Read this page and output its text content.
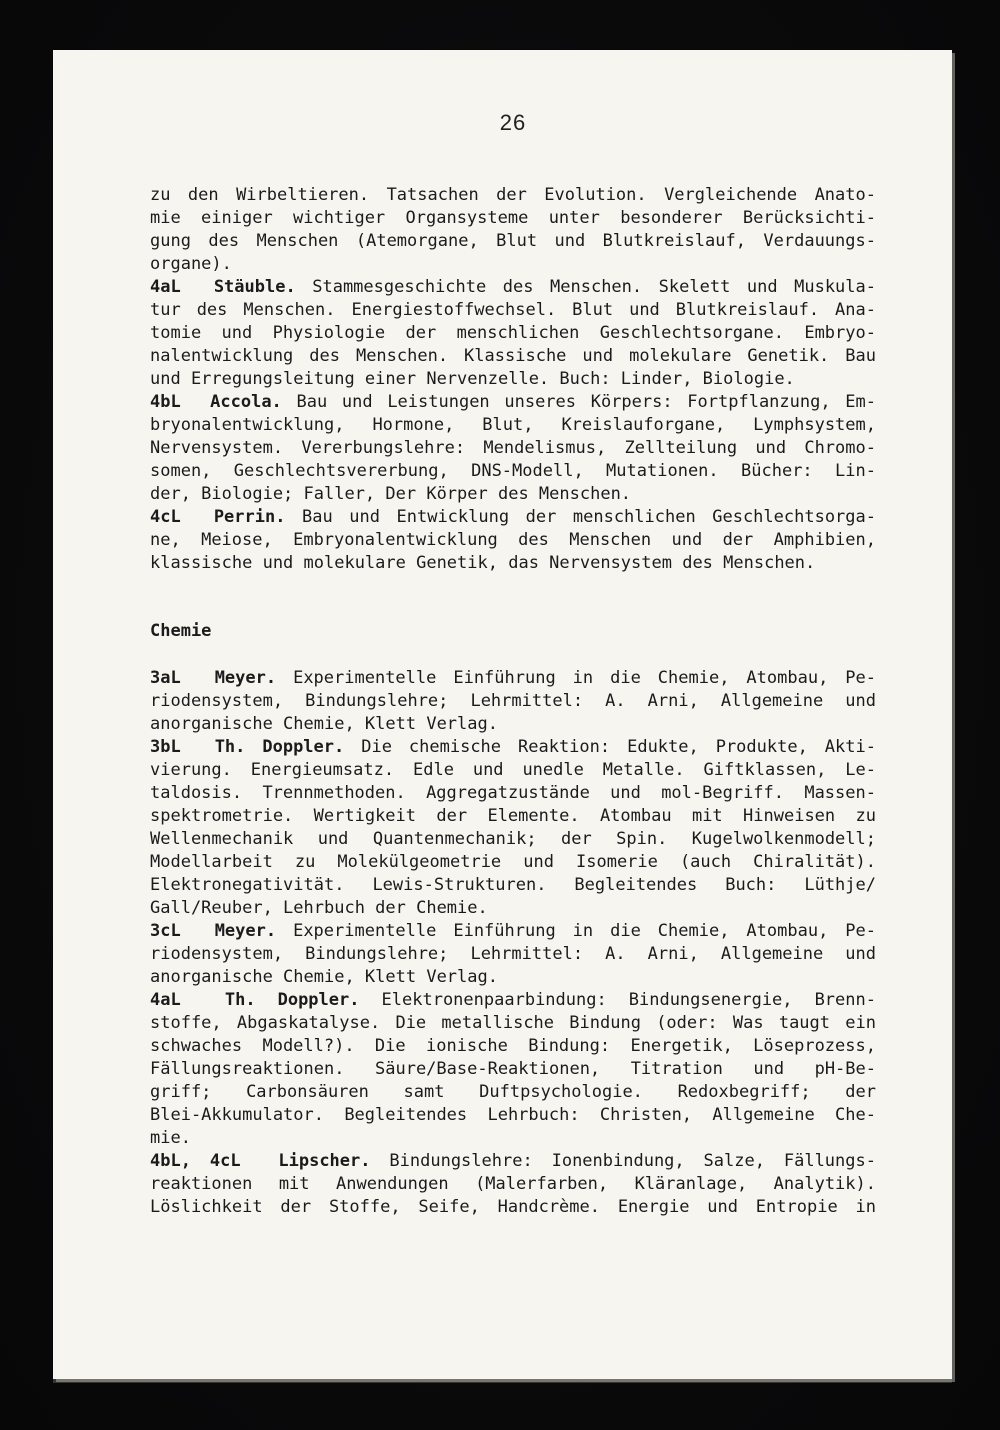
26
zu den Wirbeltieren. Tatsachen der Evolution. Vergleichende Anato-
mie einiger wichtiger Organsysteme unter besonderer Berücksichti-
gung des Menschen (Atemorgane, Blut und Blutkreislauf, Verdauungs-
organe).
4aL Stäuble. Stammesgeschichte des Menschen. Skelett und Muskula-
tur des Menschen. Energiestoffwechsel. Blut und Blutkreislauf. Ana-
tomie und Physiologie der menschlichen Geschlechtsorgane. Embryo-
nalentwicklung des Menschen. Klassische und molekulare Genetik. Bau
und Erregungsleitung einer Nervenzelle. Buch: Linder, Biologie.
4bL Accola. Bau und Leistungen unseres Körpers: Fortpflanzung, Em-
bryonalentwicklung, Hormone, Blut, Kreislauforgane, Lymphsystem,
Nervensystem. Vererbungslehre: Mendelismus, Zellteilung und Chromo-
somen, Geschlechtsvererbung, DNS-Modell, Mutationen. Bücher: Lin-
der, Biologie; Faller, Der Körper des Menschen.
4cL Perrin. Bau und Entwicklung der menschlichen Geschlechtsorga-
ne, Meiose, Embryonalentwicklung des Menschen und der Amphibien,
klassische und molekulare Genetik, das Nervensystem des Menschen.
Chemie
3aL Meyer. Experimentelle Einführung in die Chemie, Atombau, Pe-
riodensystem, Bindungslehre; Lehrmittel: A. Arni, Allgemeine und
anorganische Chemie, Klett Verlag.
3bL Th. Doppler. Die chemische Reaktion: Edukte, Produkte, Akti-
vierung. Energieumsatz. Edle und unedle Metalle. Giftklassen, Le-
taldosis. Trennmethoden. Aggregatzustände und mol-Begriff. Massen-
spektrometrie. Wertigkeit der Elemente. Atombau mit Hinweisen zu
Wellenmechanik und Quantenmechanik; der Spin. Kugelwolkenmodell;
Modellarbeit zu Molekülgeometrie und Isomerie (auch Chiralität).
Elektronegativität. Lewis-Strukturen. Begleitendes Buch: Lüthje/
Gall/Reuber, Lehrbuch der Chemie.
3cL Meyer. Experimentelle Einführung in die Chemie, Atombau, Pe-
riodensystem, Bindungslehre; Lehrmittel: A. Arni, Allgemeine und
anorganische Chemie, Klett Verlag.
4aL	Th. Doppler. Elektronenpaarbindung: Bindungsenergie, Brenn-
stoffe, Abgaskatalyse. Die metallische Bindung (oder: Was taugt ein
schwaches Modell?). Die ionische Bindung: Energetik, Löseprozess,
Fällungsreaktionen. Säure/Base-Reaktionen, Titration und pH-Be-
griff; Carbonsäuren samt Duftpsychologie. Redoxbegriff; der
Blei-Akkumulator. Begleitendes Lehrbuch: Christen, Allgemeine Che-
mie.
4bL, 4cL Lipscher. Bindungslehre: Ionenbindung, Salze, Fällungs-
reaktionen mit Anwendungen (Malerfarben, Kläranlage, Analytik).
Löslichkeit der Stoffe, Seife, Handcrème. Energie und Entropie in
